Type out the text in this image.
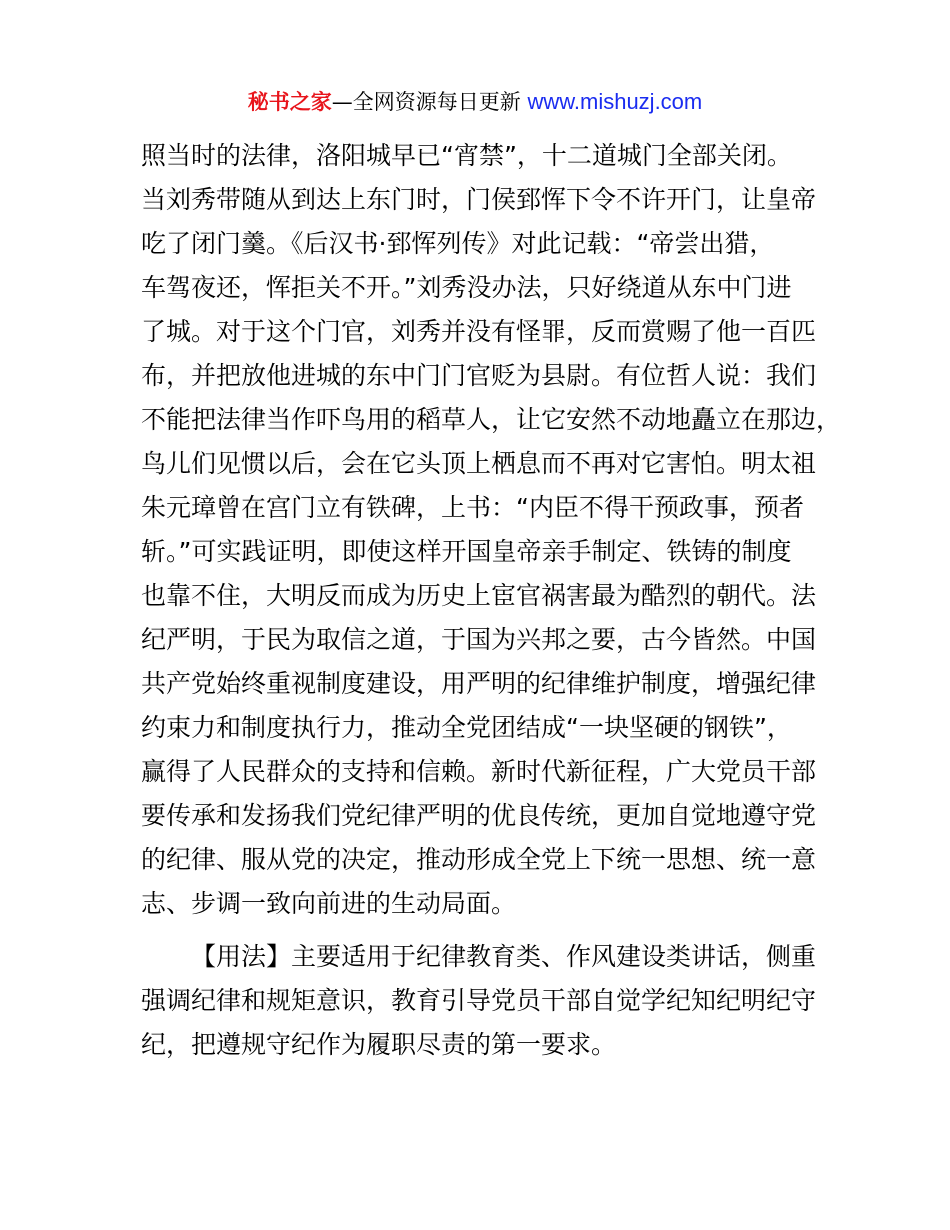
秘书之家—全网资源每日更新 www.mishuzj.com
照当时的法律，洛阳城早已“宵禁”，十二道城门全部关闭。
当刘秀带随从到达上东门时，门侯郅恽下令不许开门，让皇帝
吃了闭门羹。《后汉书·郅恽列传》对此记载：“帝尝出猎，
车驾夜还，恽拒关不开。”刘秀没办法，只好绕道从东中门进
了城。对于这个门官，刘秀并没有怪罪，反而赏赐了他一百匹
布，并把放他进城的东中门门官贬为县尉。有位哲人说：我们
不能把法律当作吓鸟用的稻草人，让它安然不动地矗立在那边，
鸟儿们见惯以后，会在它头顶上栖息而不再对它害怕。明太祖
朱元璋曾在宫门立有铁碑，上书：“内臣不得干预政事，预者
斩。”可实践证明，即使这样开国皇帝亲手制定、铁铸的制度
也靠不住，大明反而成为历史上宦官祸害最为酷烈的朝代。法
纪严明，于民为取信之道，于国为兴邦之要，古今皆然。中国
共产党始终重视制度建设，用严明的纪律维护制度，增强纪律
约束力和制度执行力，推动全党团结成“一块坚硬的钢铁”，
赢得了人民群众的支持和信赖。新时代新征程，广大党员干部
要传承和发扬我们党纪律严明的优良传统，更加自觉地遵守党
的纪律、服从党的决定，推动形成全党上下统一思想、统一意
志、步调一致向前进的生动局面。
【用法】主要适用于纪律教育类、作风建设类讲话，侧重
强调纪律和规矩意识，教育引导党员干部自觉学纪知纪明纪守
纪，把遵规守纪作为履职尽责的第一要求。
